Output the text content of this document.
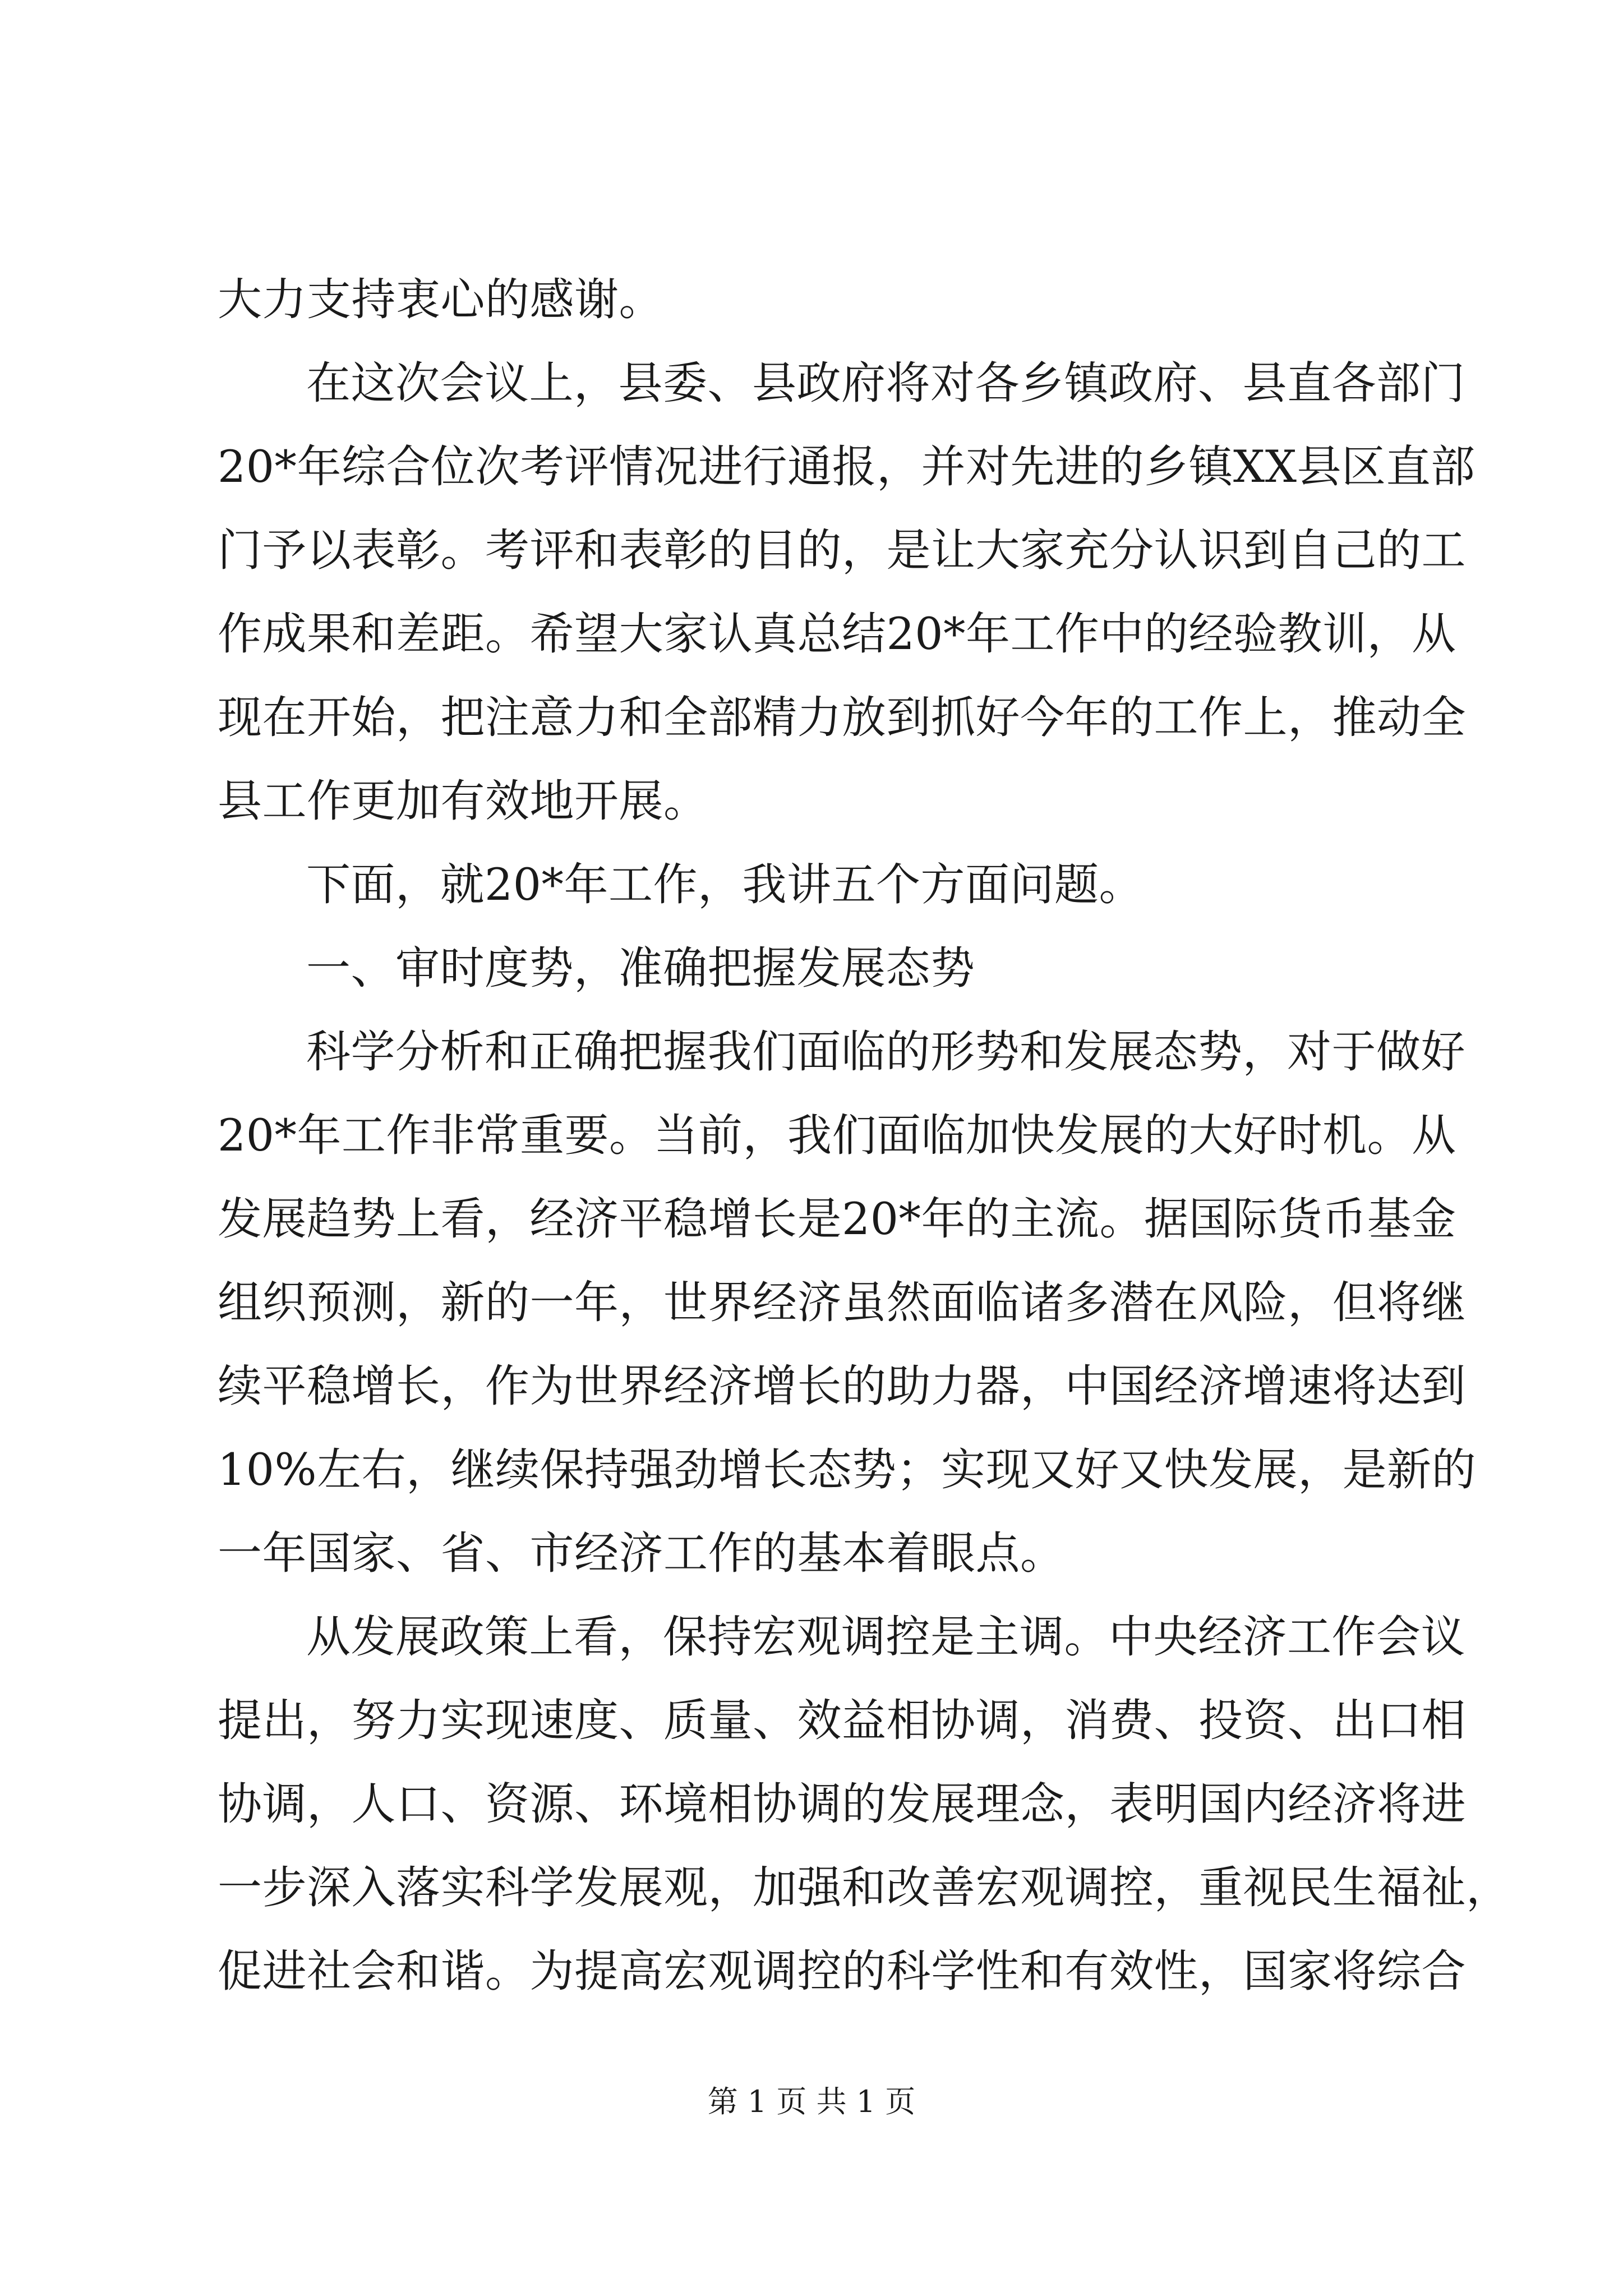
大力支持衷心的感谢。
在这次会议上，县委、县政府将对各乡镇政府、县直各部门
20*年综合位次考评情况进行通报，并对先进的乡镇XX县区直部
门予以表彰。考评和表彰的目的，是让大家充分认识到自己的工
作成果和差距。希望大家认真总结20*年工作中的经验教训，从
现在开始，把注意力和全部精力放到抓好今年的工作上，推动全
县工作更加有效地开展。
下面，就20*年工作，我讲五个方面问题。
一、审时度势，准确把握发展态势
科学分析和正确把握我们面临的形势和发展态势，对于做好
20*年工作非常重要。当前，我们面临加快发展的大好时机。从
发展趋势上看，经济平稳增长是20*年的主流。据国际货币基金
组织预测，新的一年，世界经济虽然面临诸多潜在风险，但将继
续平稳增长，作为世界经济增长的助力器，中国经济增速将达到
10%左右，继续保持强劲增长态势；实现又好又快发展，是新的
一年国家、省、市经济工作的基本着眼点。
从发展政策上看，保持宏观调控是主调。中央经济工作会议
提出，努力实现速度、质量、效益相协调，消费、投资、出口相
协调，人口、资源、环境相协调的发展理念，表明国内经济将进
一步深入落实科学发展观，加强和改善宏观调控，重视民生福祉，
促进社会和谐。为提高宏观调控的科学性和有效性，国家将综合
第 1 页 共 1 页
